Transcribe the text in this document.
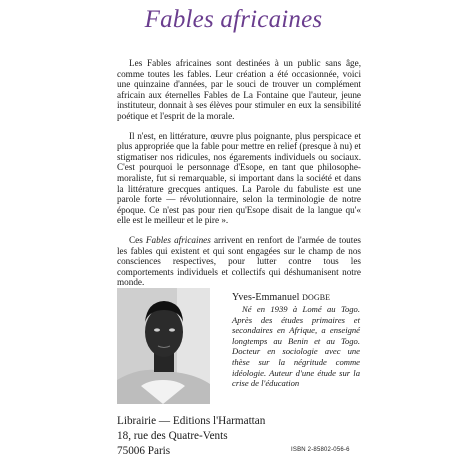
Fables africaines

Les Fables africaines sont destinées à un public sans âge, comme toutes les fables. Leur création a été occasionnée, voici une quinzaine d'années, par le souci de trouver un complément africain aux éternelles Fables de La Fontaine que l'auteur, jeune instituteur, donnait à ses élèves pour stimuler en eux la sensibilité poétique et l'esprit de la morale.

Il n'est, en littérature, œuvre plus poignante, plus perspicace et plus appropriée que la fable pour mettre en relief (presque à nu) et stigmatiser nos ridicules, nos égarements individuels ou sociaux. C'est pourquoi le personnage d'Esope, en tant que philosophe-moraliste, fut si remarquable, si important dans la société et dans la littérature grecques antiques. La Parole du fabuliste est une parole forte — révolutionnaire, selon la terminologie de notre époque. Ce n'est pas pour rien qu'Esope disait de la langue qu'« elle est le meilleur et le pire ».

Ces Fables africaines arrivent en renfort de l'armée de toutes les fables qui existent et qui sont engagées sur le champ de nos consciences respectives, pour lutter contre tous les comportements individuels et collectifs qui déshumanisent notre monde.

Yves-Emmanuel DOGBE

Né en 1939 à Lomé au Togo. Après des études primaires et secondaires en Afrique, a enseigné longtemps au Benin et au Togo. Docteur en sociologie avec une thèse sur la négritude comme idéologie. Auteur d'une étude sur la crise de l'éducation

Librairie — Editions l'Harmattan
18, rue des Quatre-Vents
75006 Paris	ISBN 2-85802-056-6
